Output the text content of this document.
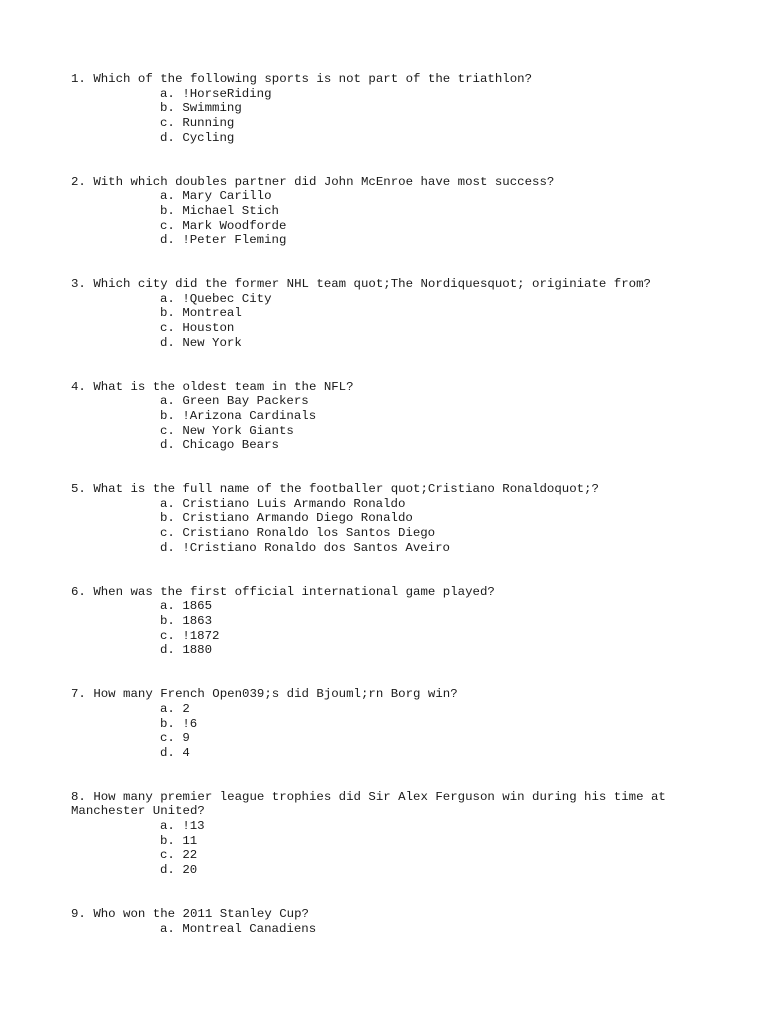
1. Which of the following sports is not part of the triathlon?
a. !HorseRiding
b. Swimming
c. Running
d. Cycling
2. With which doubles partner did John McEnroe have most success?
a. Mary Carillo
b. Michael Stich
c. Mark Woodforde
d. !Peter Fleming
3. Which city did the former NHL team quot;The Nordiquesquot; originiate from?
a. !Quebec City
b. Montreal
c. Houston
d. New York
4. What is the oldest team in the NFL?
a. Green Bay Packers
b. !Arizona Cardinals
c. New York Giants
d. Chicago Bears
5. What is the full name of the footballer quot;Cristiano Ronaldoquot;?
a. Cristiano Luis Armando Ronaldo
b. Cristiano Armando Diego Ronaldo
c. Cristiano Ronaldo los Santos Diego
d. !Cristiano Ronaldo dos Santos Aveiro
6. When was the first official international game played?
a. 1865
b. 1863
c. !1872
d. 1880
7. How many French Open039;s did Bjouml;rn Borg win?
a. 2
b. !6
c. 9
d. 4
8. How many premier league trophies did Sir Alex Ferguson win during his time at Manchester United?
a. !13
b. 11
c. 22
d. 20
9. Who won the 2011 Stanley Cup?
a. Montreal Canadiens
